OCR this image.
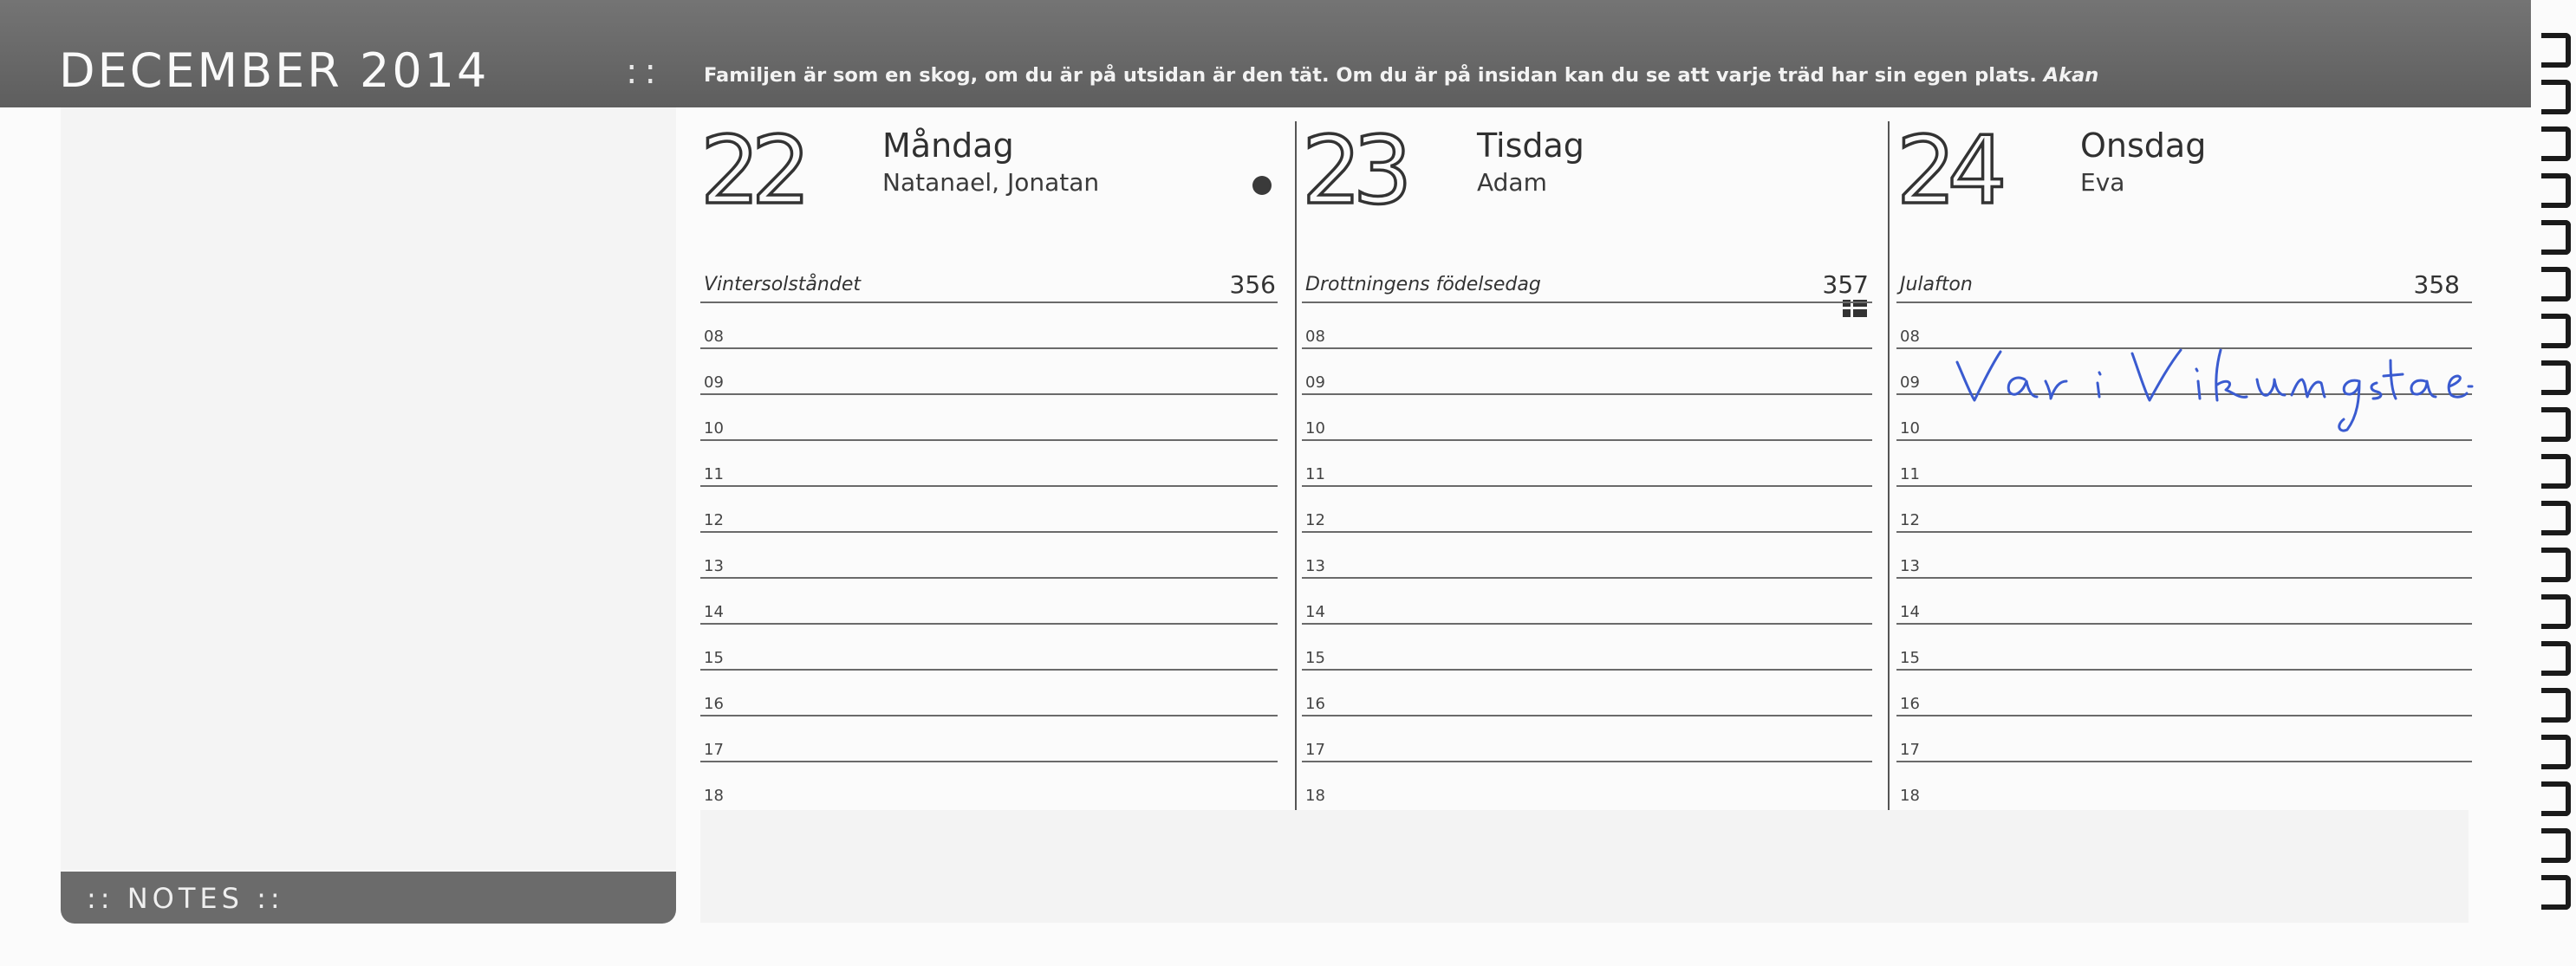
DECEMBER 2014	:: Familjen är som en skog, om du är på utsidan är den tät. Om du är på insidan kan du se att varje träd har sin egen plats. Akan
:: NOTES ::
22 Måndag
Natanael, Jonatan
Vintersolståndet	356
23 Tisdag
Adam
Drottningens födelsedag	357
24 Onsdag
Eva
Julafton	358
08
09
10
11
12
13
14
15
16
17
18
08
09
10
11
12
13
14
15
16
17
18
08
09
10
11
12
13
14
15
16
17
18
